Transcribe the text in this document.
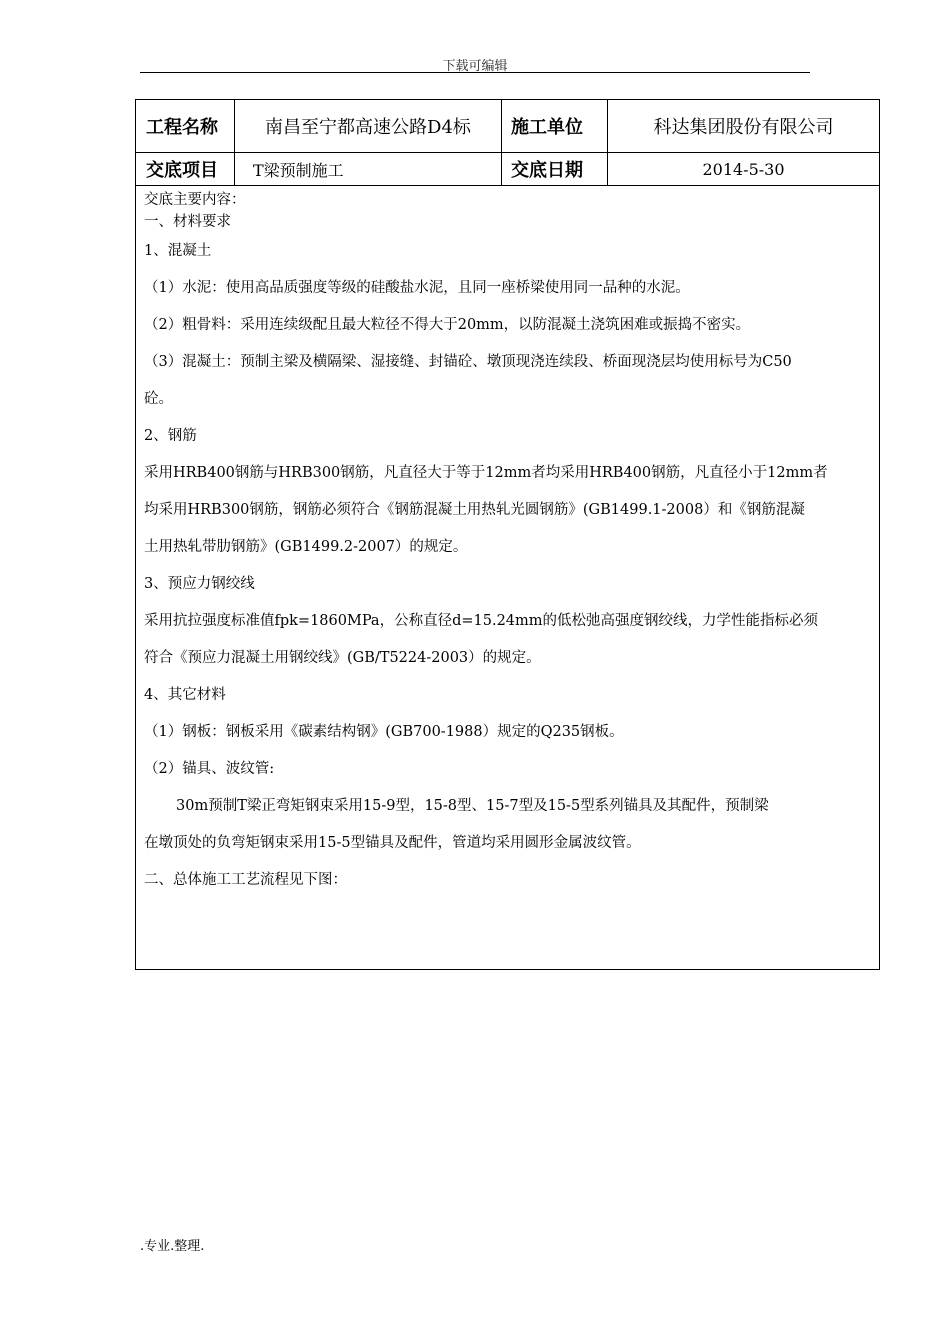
下载可编辑
工程名称	南昌至宁都高速公路D4标	施工单位	科达集团股份有限公司
交底项目	T梁预制施工	交底日期	2014-5-30

交底主要内容：

一、材料要求

1、混凝土

（1）水泥：使用高品质强度等级的硅酸盐水泥，且同一座桥梁使用同一品种的水泥。

（2）粗骨料：采用连续级配且最大粒径不得大于20mm，以防混凝土浇筑困难或振捣不密实。

（3）混凝土：预制主梁及横隔梁、湿接缝、封锚砼、墩顶现浇连续段、桥面现浇层均使用标号为C50

砼。

2、钢筋

采用HRB400钢筋与HRB300钢筋，凡直径大于等于12mm者均采用HRB400钢筋，凡直径小于12mm者

均采用HRB300钢筋，钢筋必须符合《钢筋混凝土用热轧光圆钢筋》(GB1499.1-2008）和《钢筋混凝

土用热轧带肋钢筋》(GB1499.2-2007）的规定。

3、预应力钢绞线

采用抗拉强度标准值fpk=1860MPa，公称直径d=15.24mm的低松弛高强度钢绞线，力学性能指标必须

符合《预应力混凝土用钢绞线》(GB/T5224-2003）的规定。

4、其它材料

（1）钢板：钢板采用《碳素结构钢》(GB700-1988）规定的Q235钢板。

（2）锚具、波纹管:

30m预制T梁正弯矩钢束采用15-9型，15-8型、15-7型及15-5型系列锚具及其配件，预制梁

在墩顶处的负弯矩钢束采用15-5型锚具及配件，管道均采用圆形金属波纹管。

二、总体施工工艺流程见下图：

.专业.整理.
